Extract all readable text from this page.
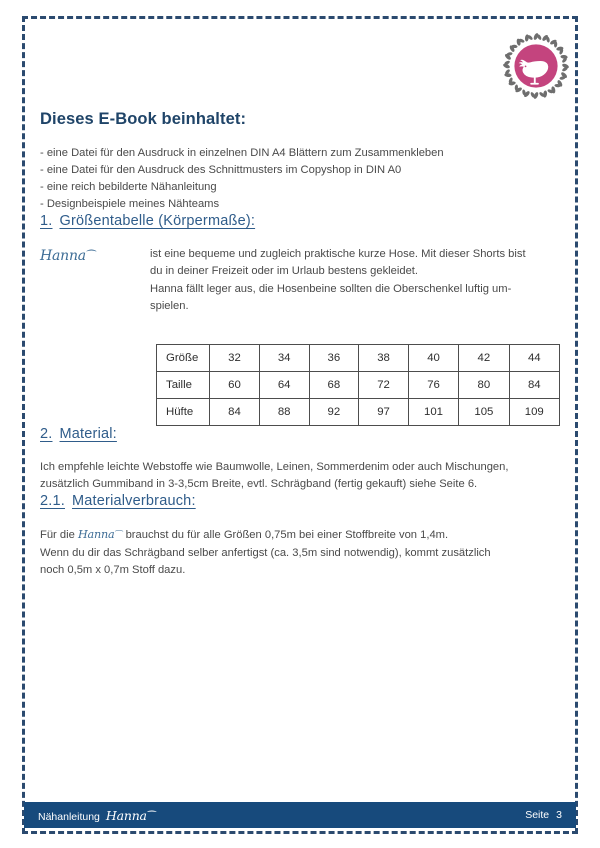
Dieses E-Book beinhaltet:
- eine Datei für den Ausdruck in einzelnen DIN A4 Blättern zum Zusammenkleben
- eine Datei für den Ausdruck des Schnittmusters im Copyshop in DIN A0
- eine reich bebilderte Nähanleitung
- Designbeispiele meines Nähteams
1. Größentabelle (Körpermaße):
Hanna ⁀	ist eine bequeme und zugleich praktische kurze Hose. Mit dieser Shorts bist

du in deiner Freizeit oder im Urlaub bestens gekleidet.

Hanna fällt leger aus, die Hosenbeine sollten die Oberschenkel luftig um-

spielen.

Größe	32	34	36	38	40	42	44
Taille	60	64	68	72	76	80	84
Hüfte	84	88	92	97	101	105	109
2. Material:

Ich empfehle leichte Webstoffe wie Baumwolle, Leinen, Sommerdenim oder auch Mischungen,
zusätzlich Gummiband in 3-3,5cm Breite, evtl. Schrägband (fertig gekauft) siehe Seite 6.

2.1. Materialverbrauch:

Für die Hanna ⁀ brauchst du für alle Größen 0,75m bei einer Stoffbreite von 1,4m.
Wenn du dir das Schrägband selber anfertigst (ca. 3,5m sind notwendig), kommt zusätzlich
noch 0,5m x 0,7m Stoff dazu.

Nähanleitung Hanna ⁀	Seite 3
